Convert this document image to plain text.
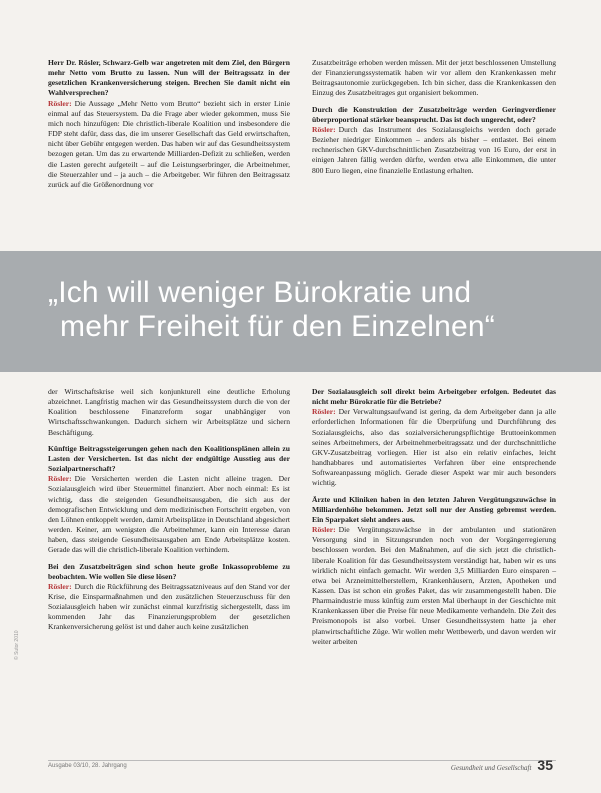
Herr Dr. Rösler, Schwarz-Gelb war angetreten mit dem Ziel, den Bürgern mehr Netto vom Brutto zu lassen. Nun will der Beitragssatz in der gesetzlichen Krankenversicherung steigen. Brechen Sie damit nicht ein Wahlversprechen?
Rösler: Die Aussage „Mehr Netto vom Brutto“ bezieht sich in erster Linie einmal auf das Steuersystem. Da die Frage aber wieder gekommen, muss Sie mich noch hinzufügen: Die christlich-liberale Koalition und insbesondere die FDP steht dafür, dass das, die im unserer Gesellschaft das Geld erwirtschaften, nicht über Gebühr entgegen werden. Das haben wir auf das Gesundheitssystem bezogen getan. Um das zu erwartende Milliarden-Defizit zu schließen, werden die Lasten gerecht aufgeteilt – auf die Leistungserbringer, die Arbeitnehmer, die Steuerzahler und – ja auch – die Arbeitgeber. Wir führen den Beitragssatz zurück auf die Größenordnung vor

Zusatzbeiträge erhoben werden müssen. Mit der jetzt beschlossenen Umstellung der Finanzierungssystematik haben wir vor allem den Krankenkassen mehr Beitragsautonomie zurückgegeben. Ich bin sicher, dass die Krankenkassen den Einzug des Zusatzbeitrages gut organisiert bekommen.

Durch die Konstruktion der Zusatzbeiträge werden Geringverdiener überproportional stärker beansprucht. Das ist doch ungerecht, oder?
Rösler: Durch das Instrument des Sozialausgleichs werden doch gerade Bezieher niedriger Einkommen – anders als bisher – entlastet. Bei einem rechnerischen GKV-durchschnittlichen Zusatzbeitrag von 16 Euro, der erst in einigen Jahren fällig werden dürfte, werden etwa alle Einkommen, die unter 800 Euro liegen, eine finanzielle Entlastung erhalten.

„Ich will weniger Bürokratie und
mehr Freiheit für den Einzelnen“

der Wirtschaftskrise weil sich konjunkturell eine deutliche Erholung abzeichnet. Langfristig machen wir das Gesundheitssystem durch die von der Koalition beschlossene Finanzreform sogar unabhängiger von Wirtschaftsschwankungen. Dadurch sichern wir Arbeitsplätze und sichern Beschäftigung.

Künftige Beitragssteigerungen gehen nach den Koalitionsplänen allein zu Lasten der Versicherten. Ist das nicht der endgültige Ausstieg aus der Sozialpartnerschaft?
Rösler: Die Versicherten werden die Lasten nicht alleine tragen. Der Sozialausgleich wird über Steuermittel finanziert. Aber noch einmal: Es ist wichtig, dass die steigenden Gesundheitsausgaben, die sich aus der demografischen Entwicklung und dem medizinischen Fortschritt ergeben, von den Löhnen entkoppelt werden, damit Arbeitsplätze in Deutschland abgesichert werden. Keiner, am wenigsten die Arbeitnehmer, kann ein Interesse daran haben, dass steigende Gesundheitsausgaben am Ende Arbeitsplätze kosten. Gerade das will die christlich-liberale Koalition verhindern.

Bei den Zusatzbeiträgen sind schon heute große Inkassoprobleme zu beobachten. Wie wollen Sie diese lösen?
Rösler: Durch die Rückführung des Beitragssatzniveaus auf den Stand vor der Krise, die Einsparmaßnahmen und den zusätzlichen Steuerzuschuss für den Sozialausgleich haben wir zunächst einmal kurzfristig sichergestellt, dass im kommenden Jahr das Finanzierungsproblem der gesetzlichen Krankenversicherung gelöst ist und daher auch keine zusätzlichen

Der Sozialausgleich soll direkt beim Arbeitgeber erfolgen. Bedeutet das nicht mehr Bürokratie für die Betriebe?
Rösler: Der Verwaltungsaufwand ist gering, da dem Arbeitgeber dann ja alle erforderlichen Informationen für die Überprüfung und Durchführung des Sozialausgleichs, also das sozialversicherungspflichtige Bruttoeinkommen seines Arbeitnehmers, der Arbeitnehmerbeitragssatz und der durchschnittliche GKV-Zusatzbeitrag vorliegen. Hier ist also ein relativ einfaches, leicht handhabbares und automatisiertes Verfahren über eine entsprechende Softwareanpassung möglich. Gerade dieser Aspekt war mir auch besonders wichtig.

Ärzte und Kliniken haben in den letzten Jahren Vergütungszuwächse in Milliardenhöhe bekommen. Jetzt soll nur der Anstieg gebremst werden. Ein Sparpaket sieht anders aus.
Rösler: Die Vergütungszuwächse in der ambulanten und stationären Versorgung sind in Sitzungsrunden noch von der Vorgängerregierung beschlossen worden. Bei den Maßnahmen, auf die sich jetzt die christlich-liberale Koalition für das Gesundheitssystem verständigt hat, haben wir es uns wirklich nicht einfach gemacht. Wir werden 3,5 Milliarden Euro einsparen – etwa bei Arzneimittelherstellern, Krankenhäusern, Ärzten, Apotheken und Kassen. Das ist schon ein großes Paket, das wir zusammengestellt haben. Die Pharmaindustrie muss künftig zum ersten Mal überhaupt in der Geschichte mit Krankenkassen über die Preise für neue Medikamente verhandeln. Die Zeit des Preismonopols ist also vorbei. Unser Gesundheitssystem hatte ja eher planwirtschaftliche Züge. Wir wollen mehr Wettbewerb, und davon werden wir weiter arbeiten

© Sutor 2010
Ausgabe 03/10, 28. Jahrgang	Gesundheit und Gesellschaft 35
